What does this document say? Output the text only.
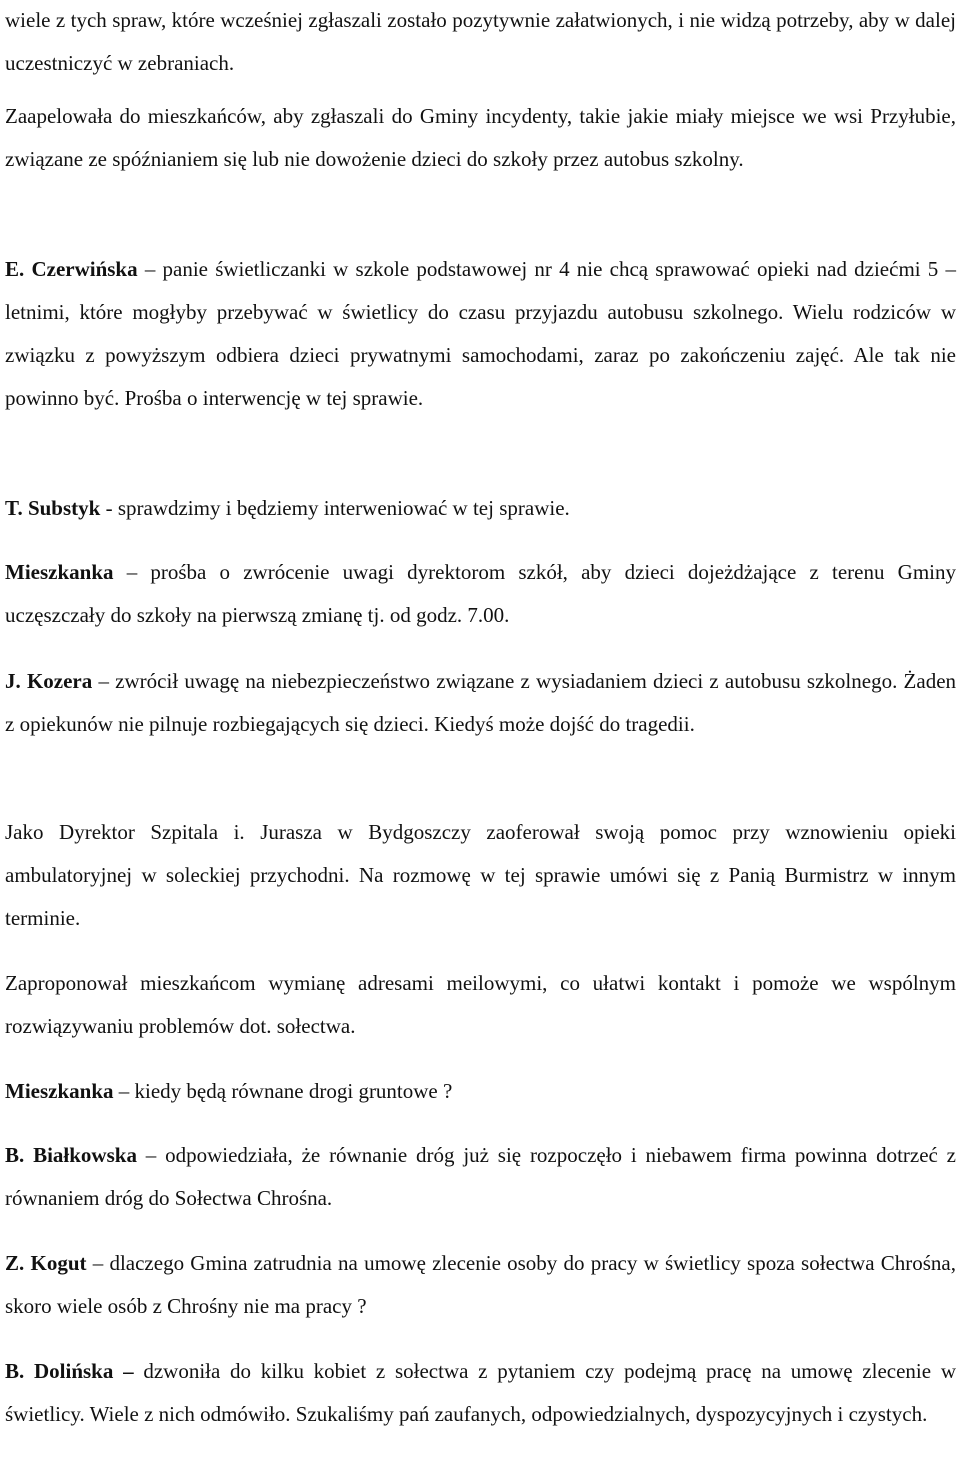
wiele z tych spraw, które wcześniej zgłaszali zostało pozytywnie załatwionych, i nie widzą potrzeby, aby w dalej uczestniczyć w zebraniach.

Zaapelowała do mieszkańców, aby zgłaszali do Gminy incydenty, takie jakie miały miejsce we wsi Przyłubie, związane ze spóźnianiem się lub nie dowożenie dzieci do szkoły przez autobus szkolny.

E. Czerwińska – panie świetliczanki w szkole podstawowej nr 4 nie chcą sprawować opieki nad dziećmi 5 – letnimi, które mogłyby przebywać w świetlicy do czasu przyjazdu autobusu szkolnego. Wielu rodziców w związku z powyższym odbiera dzieci prywatnymi samochodami, zaraz po zakończeniu zajęć. Ale tak nie powinno być. Prośba o interwencję w tej sprawie.

T. Substyk - sprawdzimy i będziemy interweniować w tej sprawie.

Mieszkanka – prośba o zwrócenie uwagi dyrektorom szkół, aby dzieci dojeżdżające z terenu Gminy uczęszczały do szkoły na pierwszą zmianę tj. od godz. 7.00.

J. Kozera – zwrócił uwagę na niebezpieczeństwo związane z wysiadaniem dzieci z autobusu szkolnego. Żaden z opiekunów nie pilnuje rozbiegających się dzieci. Kiedyś może dojść do tragedii.

Jako Dyrektor Szpitala i. Jurasza w Bydgoszczy zaoferował swoją pomoc przy wznowieniu opieki ambulatoryjnej w soleckiej przychodni. Na rozmowę w tej sprawie umówi się z Panią Burmistrz w innym terminie.

Zaproponował mieszkańcom wymianę adresami meilowymi, co ułatwi kontakt i pomoże we wspólnym rozwiązywaniu problemów dot. sołectwa.

Mieszkanka – kiedy będą równane drogi gruntowe ?

B. Białkowska – odpowiedziała, że równanie dróg już się rozpoczęło i niebawem firma powinna dotrzeć z równaniem dróg do Sołectwa Chrośna.

Z. Kogut – dlaczego Gmina zatrudnia na umowę zlecenie osoby do pracy w świetlicy spoza sołectwa Chrośna, skoro wiele osób z Chrośny nie ma pracy ?

B. Dolińska – dzwoniła do kilku kobiet z sołectwa z pytaniem czy podejmą pracę na umowę zlecenie w świetlicy. Wiele z nich odmówiło. Szukaliśmy pań zaufanych, odpowiedzialnych, dyspozycyjnych i czystych.
